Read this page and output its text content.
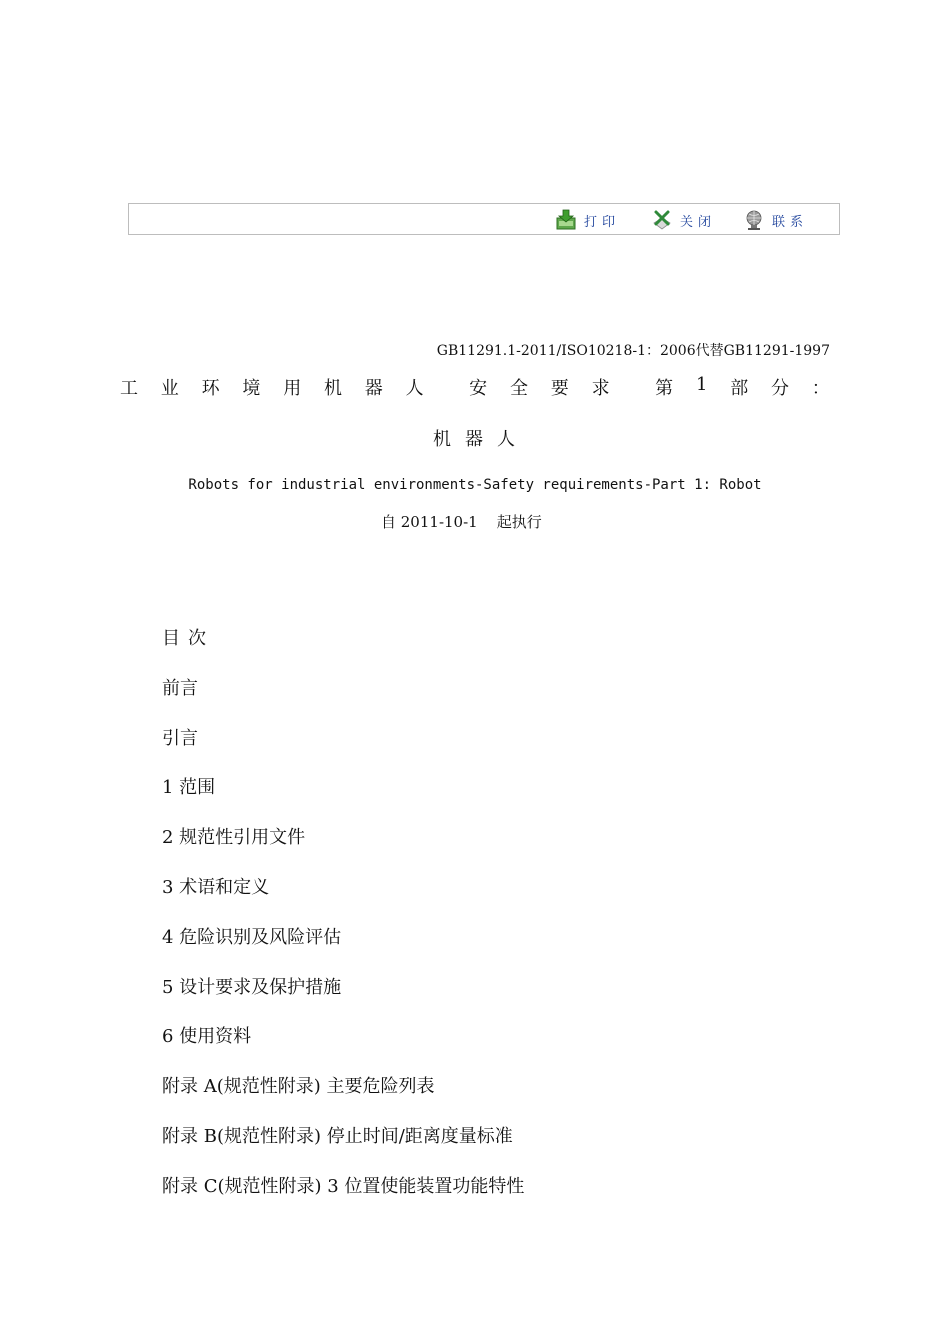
打印	关闭	联系
GB11291.1-2011/ISO10218-1：2006代替GB11291-1997
工 业 环 境 用 机 器 人	安 全 要 求	第 1 部 分 ：
机器人
Robots for industrial environments-Safety requirements-Part 1: Robot
自 2011-10-1    起执行
目次
前言
引言
1 范围
2 规范性引用文件
3 术语和定义
4 危险识别及风险评估
5 设计要求及保护措施
6 使用资料
附录 A(规范性附录) 主要危险列表
附录 B(规范性附录) 停止时间/距离度量标准
附录 C(规范性附录) 3 位置使能装置功能特性
